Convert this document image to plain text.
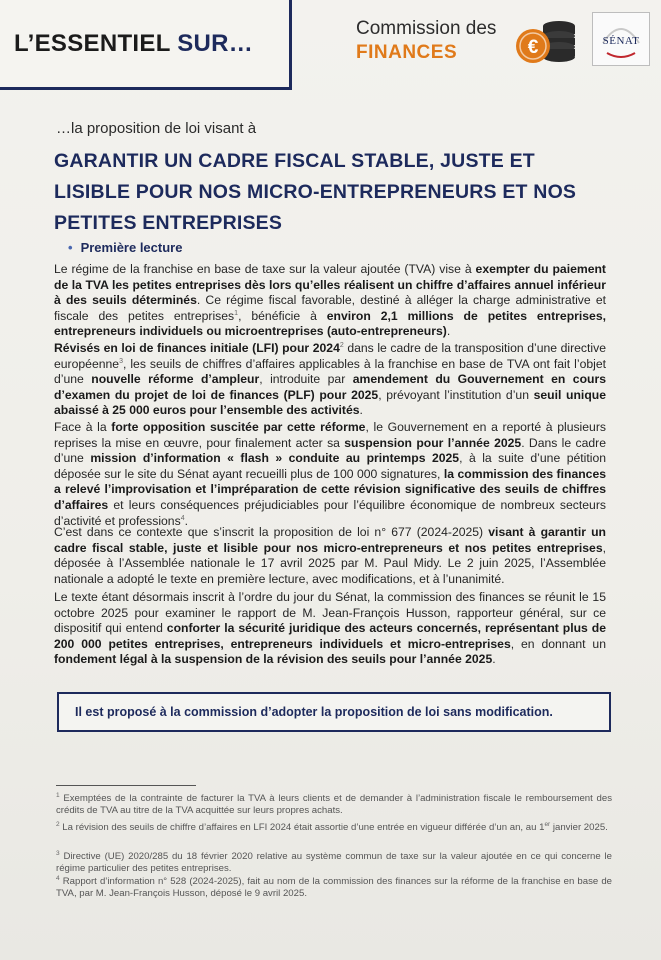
L’ESSENTIEL SUR…
Commission des
FINANCES	€	SÉNAT
…la proposition de loi visant à
GARANTIR UN CADRE FISCAL STABLE, JUSTE ET LISIBLE POUR NOS MICRO-ENTREPRENEURS ET NOS PETITES ENTREPRISES
• Première lecture

Le régime de la franchise en base de taxe sur la valeur ajoutée (TVA) vise à exempter du paiement de la TVA les petites entreprises dès lors qu’elles réalisent un chiffre d’affaires annuel inférieur à des seuils déterminés. Ce régime fiscal favorable, destiné à alléger la charge administrative et fiscale des petites entreprises$^1$, bénéficie à environ 2,1 millions de petites entreprises, entrepreneurs individuels ou microentreprises (auto-entrepreneurs).

Révisés en loi de finances initiale (LFI) pour 2024$^2$ dans le cadre de la transposition d’une directive européenne$^3$, les seuils de chiffres d’affaires applicables à la franchise en base de TVA ont fait l’objet d’une nouvelle réforme d’ampleur, introduite par amendement du Gouvernement en cours d’examen du projet de loi de finances (PLF) pour 2025, prévoyant l’institution d’un seuil unique abaissé à 25 000 euros pour l’ensemble des activités.

Face à la forte opposition suscitée par cette réforme, le Gouvernement en a reporté à plusieurs reprises la mise en œuvre, pour finalement acter sa suspension pour l’année 2025. Dans le cadre d’une mission d’information « flash » conduite au printemps 2025, à la suite d’une pétition déposée sur le site du Sénat ayant recueilli plus de 100 000 signatures, la commission des finances a relevé l’improvisation et l’impréparation de cette révision significative des seuils de chiffres d’affaires et leurs conséquences préjudiciables pour l’équilibre économique de nombreux secteurs d’activité et professions$^4$.

C’est dans ce contexte que s’inscrit la proposition de loi n° 677 (2024-2025) visant à garantir un cadre fiscal stable, juste et lisible pour nos micro-entrepreneurs et nos petites entreprises, déposée à l’Assemblée nationale le 17 avril 2025 par M. Paul Midy. Le 2 juin 2025, l’Assemblée nationale a adopté le texte en première lecture, avec modifications, et à l’unanimité.

Le texte étant désormais inscrit à l’ordre du jour du Sénat, la commission des finances se réunit le 15 octobre 2025 pour examiner le rapport de M. Jean-François Husson, rapporteur général, sur ce dispositif qui entend conforter la sécurité juridique des acteurs concernés, représentant plus de 200 000 petites entreprises, entrepreneurs individuels et micro-entreprises, en donnant un fondement légal à la suspension de la révision des seuils pour l’année 2025.

Il est proposé à la commission d’adopter la proposition de loi sans modification.

$^1$ Exemptées de la contrainte de facturer la TVA à leurs clients et de demander à l’administration fiscale le remboursement des crédits de TVA au titre de la TVA acquittée sur leurs propres achats.

$^2$ La révision des seuils de chiffre d’affaires en LFI 2024 était assortie d’une entrée en vigueur différée d’un an, au 1er janvier 2025.

$^3$ Directive (UE) 2020/285 du 18 février 2020 relative au système commun de taxe sur la valeur ajoutée en ce qui concerne le régime particulier des petites entreprises.

$^4$ Rapport d’information n° 528 (2024-2025), fait au nom de la commission des finances sur la réforme de la franchise en base de TVA, par M. Jean-François Husson, déposé le 9 avril 2025.
